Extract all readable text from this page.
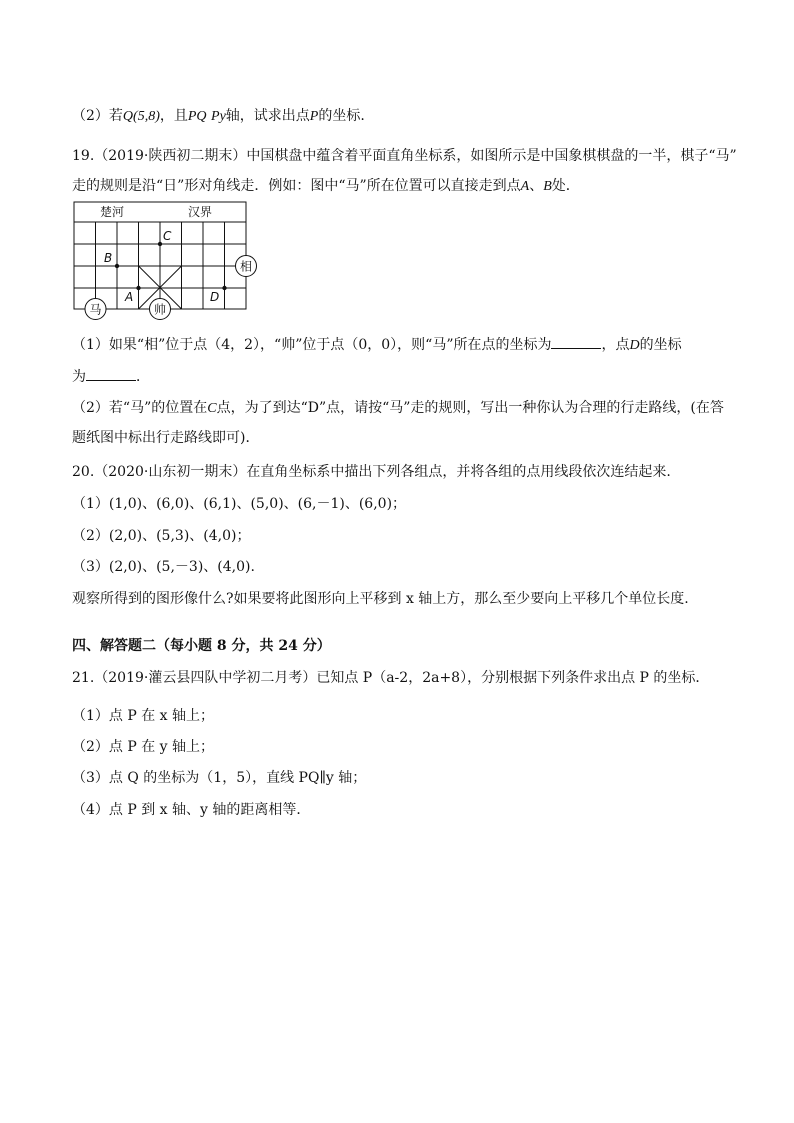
（2）若Q(5,8)，且PQ Py轴，试求出点P的坐标.
19.（2019·陕西初二期末）中国棋盘中蕴含着平面直角坐标系，如图所示是中国象棋棋盘的一半，棋子“马”
走的规则是沿“日”形对角线走．例如：图中“马”所在位置可以直接走到点A、B处．
楚河	汉界
C
B
A	D
相
马	帅
（1）如果“相”位于点（4，2），“帅”位于点（0，0），则“马”所在点的坐标为	，点D的坐标
为	．
（2）若“马”的位置在C点，为了到达“D”点，请按“马”走的规则，写出一种你认为合理的行走路线，(在答
题纸图中标出行走路线即可)．
20.（2020·山东初一期末）在直角坐标系中描出下列各组点，并将各组的点用线段依次连结起来.
（1）(1,0)、(6,0)、(6,1)、(5,0)、(6,－1)、(6,0)；
（2）(2,0)、(5,3)、(4,0)；
（3）(2,0)、(5,－3)、(4,0).
观察所得到的图形像什么?如果要将此图形向上平移到 x 轴上方，那么至少要向上平移几个单位长度.
四、解答题二（每小题 8 分，共 24 分）
21.（2019·灌云县四队中学初二月考）已知点 P（a-2，2a+8），分别根据下列条件求出点 P 的坐标．
（1）点 P 在 x 轴上；
（2）点 P 在 y 轴上；
（3）点 Q 的坐标为（1，5），直线 PQ∥y 轴；
（4）点 P 到 x 轴、y 轴的距离相等．
